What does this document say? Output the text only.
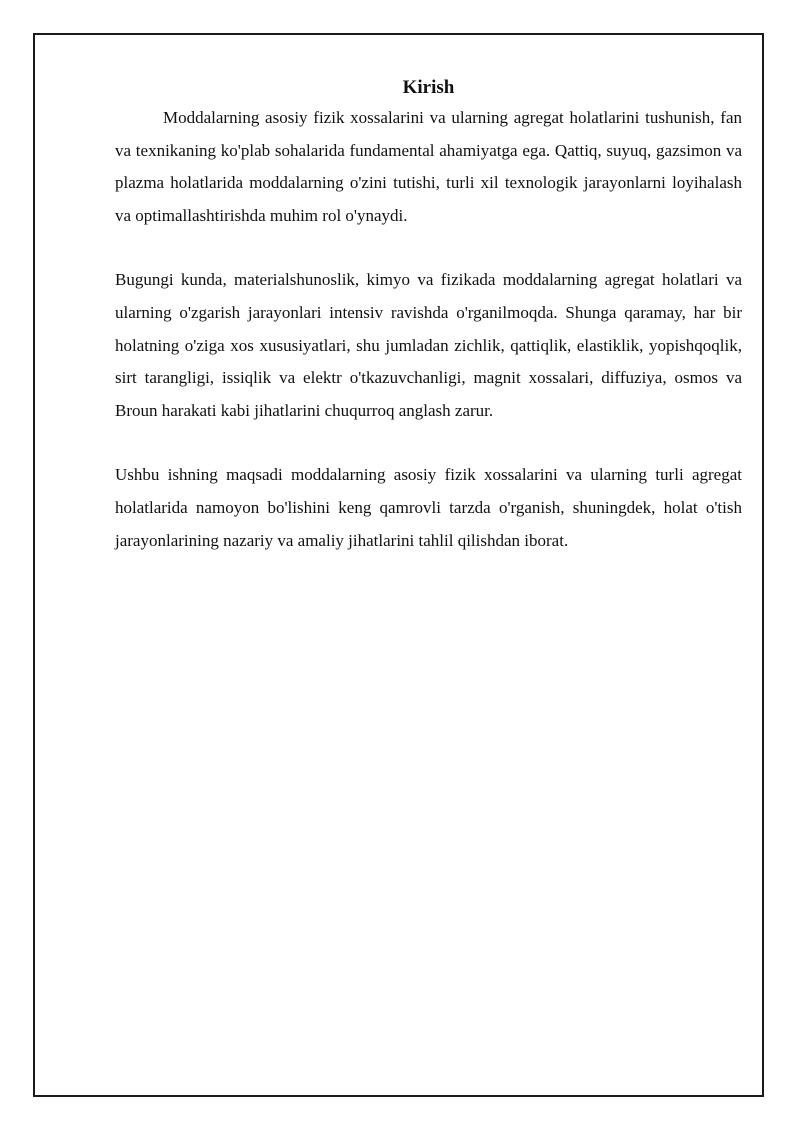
Kirish

Moddalarning asosiy fizik xossalarini va ularning agregat holatlarini tushunish, fan va texnikaning ko'plab sohalarida fundamental ahamiyatga ega. Qattiq, suyuq, gazsimon va plazma holatlarida moddalarning o'zini tutishi, turli xil texnologik jarayonlarni loyihalash va optimallashtirishda muhim rol o'ynaydi.

Bugungi kunda, materialshunoslik, kimyo va fizikada moddalarning agregat holatlari va ularning o'zgarish jarayonlari intensiv ravishda o'rganilmoqda. Shunga qaramay, har bir holatning o'ziga xos xususiyatlari, shu jumladan zichlik, qattiqlik, elastiklik, yopishqoqlik, sirt tarangligi, issiqlik va elektr o'tkazuvchanligi, magnit xossalari, diffuziya, osmos va Broun harakati kabi jihatlarini chuqurroq anglash zarur.

Ushbu ishning maqsadi moddalarning asosiy fizik xossalarini va ularning turli agregat holatlarida namoyon bo'lishini keng qamrovli tarzda o'rganish, shuningdek, holat o'tish jarayonlarining nazariy va amaliy jihatlarini tahlil qilishdan iborat.
